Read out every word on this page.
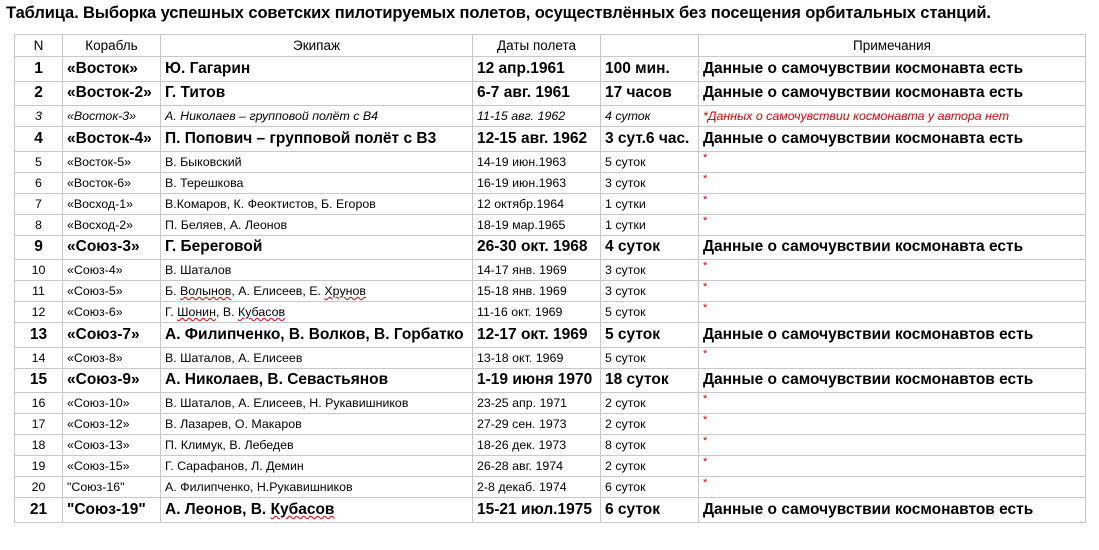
Таблица. Выборка успешных советских пилотируемых полетов, осуществлённых без посещения орбитальных станций.
N	Корабль	Экипаж	Даты полета		Примечания
1	«Восток»	Ю. Гагарин	12 апр.1961	100 мин.	Данные о самочувствии космонавта есть
2	«Восток-2»	Г. Титов	6-7 авг. 1961	17 часов	Данные о самочувствии космонавта есть
3	«Восток-3»	А. Николаев – групповой полёт с В4	11-15 авг. 1962	4 суток	*Данных о самочувствии космонавта у автора нет
4	«Восток-4»	П. Попович – групповой полёт с В3	12-15 авг. 1962	3 сут.6 час.	Данные о самочувствии космонавта есть
5	«Восток-5»	В. Быковский	14-19 июн.1963	5 суток	*
6	«Восток-6»	В. Терешкова	16-19 июн.1963	3 суток	*
7	«Восход-1»	В.Комаров, К. Феоктистов, Б. Егоров	12 октябр.1964	1 сутки	*
8	«Восход-2»	П. Беляев, А. Леонов	18-19 мар.1965	1 сутки	*
9	«Союз-3»	Г. Береговой	26-30 окт. 1968	4 суток	Данные о самочувствии космонавта есть
10	«Союз-4»	В. Шаталов	14-17 янв. 1969	3 суток	*
11	«Союз-5»	Б. Волынов, А. Елисеев, Е. Хрунов	15-18 янв. 1969	3 суток	*
12	«Союз-6»	Г. Шонин, В. Кубасов	11-16 окт. 1969	5 суток	*
13	«Союз-7»	А. Филипченко, В. Волков, В. Горбатко	12-17 окт. 1969	5 суток	Данные о самочувствии космонавтов есть
14	«Союз-8»	В. Шаталов, А. Елисеев	13-18 окт. 1969	5 суток	*
15	«Союз-9»	А. Николаев, В. Севастьянов	1-19 июня 1970	18 суток	Данные о самочувствии космонавтов есть
16	«Союз-10»	В. Шаталов, А. Елисеев, Н. Рукавишников	23-25 апр. 1971	2 суток	*
17	«Союз-12»	В. Лазарев, О. Макаров	27-29 сен. 1973	2 суток	*
18	«Союз-13»	П. Климук, В. Лебедев	18-26 дек. 1973	8 суток	*
19	«Союз-15»	Г. Сарафанов, Л. Демин	26-28 авг. 1974	2 суток	*
20	"Союз-16"	А. Филипченко, Н.Рукавишников	2-8 декаб. 1974	6 суток	*
21	"Союз-19"	А. Леонов, В. Кубасов	15-21 июл.1975	6 суток	Данные о самочувствии космонавтов есть
